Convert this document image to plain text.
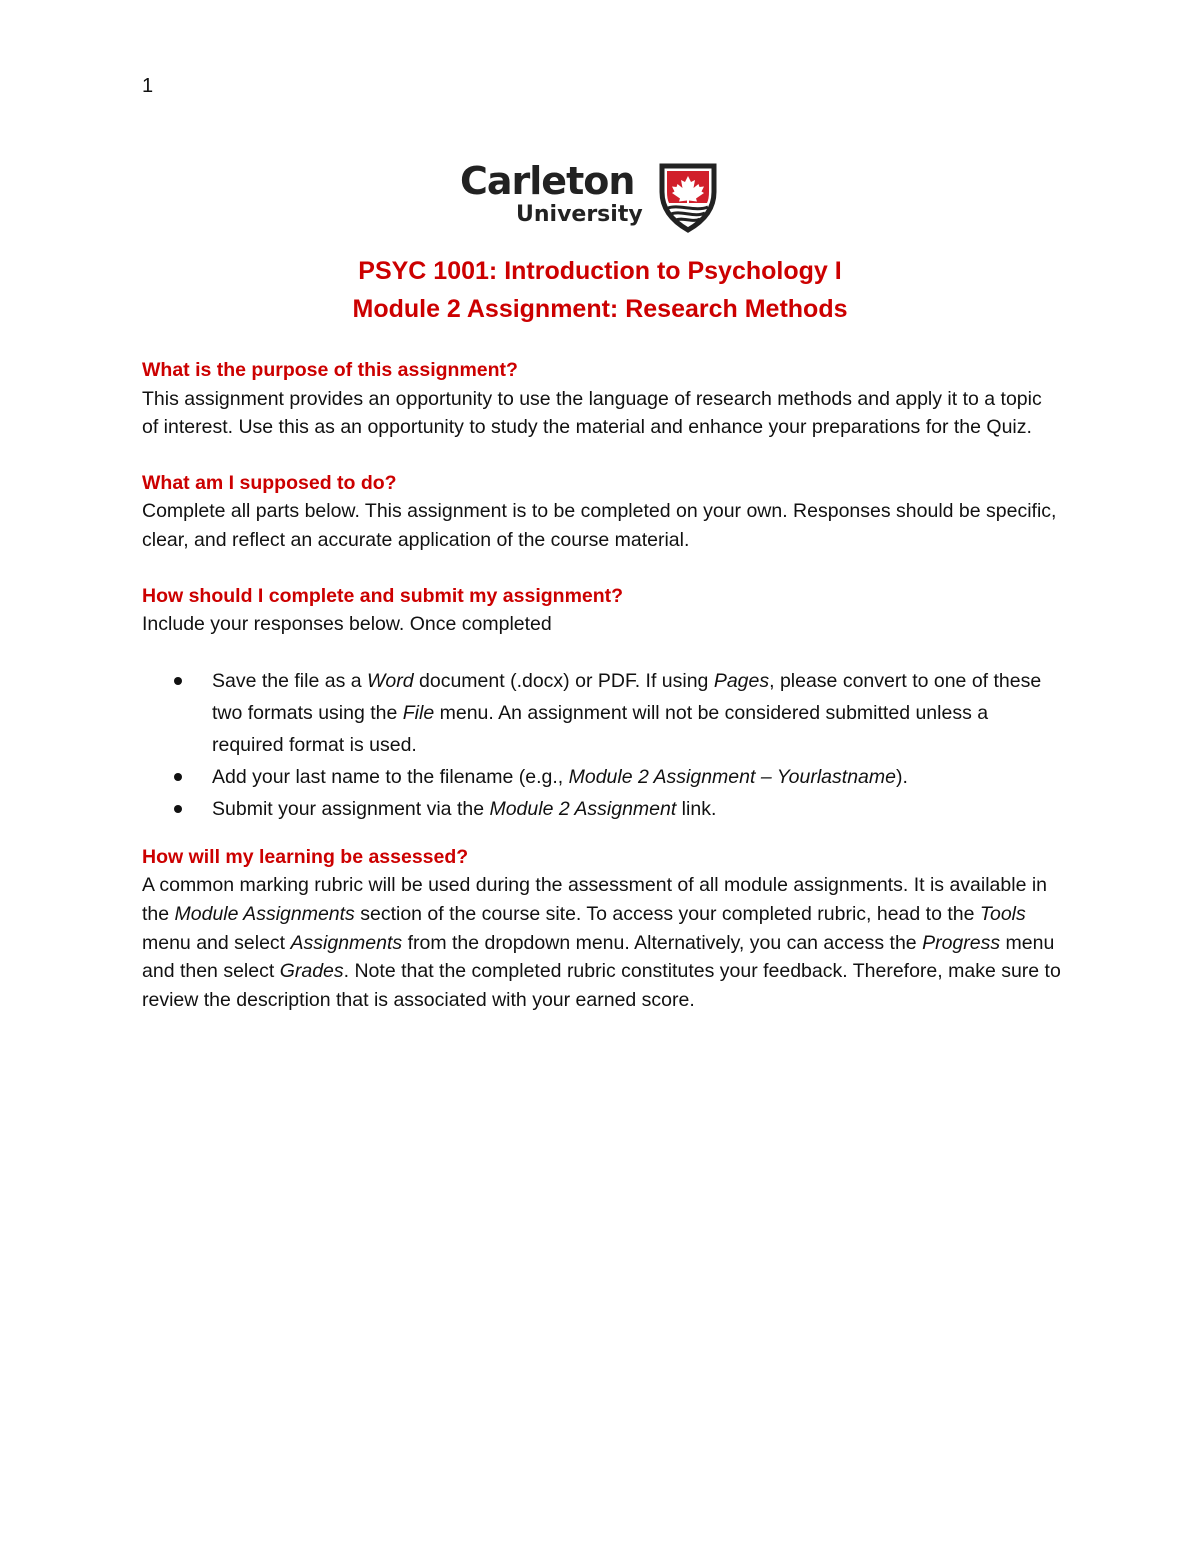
1
Carleton
University
PSYC 1001: Introduction to Psychology I
Module 2 Assignment: Research Methods

What is the purpose of this assignment?

This assignment provides an opportunity to use the language of research methods and apply it to a topic of interest. Use this as an opportunity to study the material and enhance your preparations for the Quiz.

What am I supposed to do?

Complete all parts below. This assignment is to be completed on your own. Responses should be specific, clear, and reflect an accurate application of the course material.

How should I complete and submit my assignment?

Include your responses below. Once completed

Save the file as a Word document (.docx) or PDF. If using Pages, please convert to one of these two formats using the File menu. An assignment will not be considered submitted unless a required format is used.
Add your last name to the filename (e.g., Module 2 Assignment – Yourlastname).
Submit your assignment via the Module 2 Assignment link.

How will my learning be assessed?

A common marking rubric will be used during the assessment of all module assignments. It is available in the Module Assignments section of the course site. To access your completed rubric, head to the Tools menu and select Assignments from the dropdown menu. Alternatively, you can access the Progress menu and then select Grades. Note that the completed rubric constitutes your feedback. Therefore, make sure to review the description that is associated with your earned score.
